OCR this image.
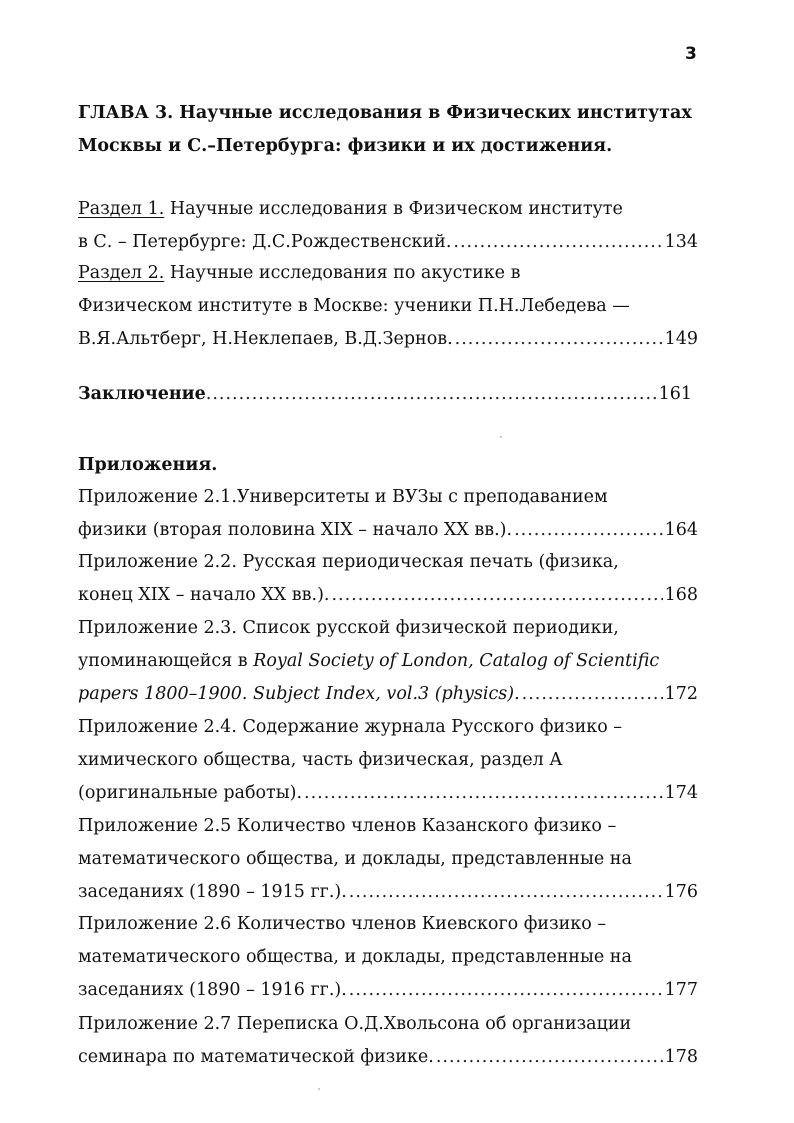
3
ГЛАВА 3. Научные исследования в Физических институтах
Москвы и С.–Петербурга: физики и их достижения.
Раздел 1. Научные исследования в Физическом институте
в С. – Петербурге: Д.С.Рождественский. .....	134
Раздел 2. Научные исследования по акустике в
Физическом институте в Москве: ученики П.Н.Лебедева —
В.Я.Альтберг, Н.Неклепаев, В.Д.Зернов. .....	149
Заключение .....	161
Приложения.
Приложение 2.1.Университеты и ВУЗы с преподаванием
физики (вторая половина XIX – начало XX вв.). .....	164
Приложение 2.2. Русская периодическая печать (физика,
конец XIX – начало XX вв.). .....	168
Приложение 2.3. Список русской физической периодики,
упоминающейся в Royal Society of London, Catalog of Scientific
papers 1800–1900. Subject Index, vol.3 (physics). .....	172
Приложение 2.4. Содержание журнала Русского физико –
химического общества, часть физическая, раздел А
(оригинальные работы). .....	174
Приложение 2.5 Количество членов Казанского физико –
математического общества, и доклады, представленные на
заседаниях (1890 – 1915 гг.). .....	176
Приложение 2.6 Количество членов Киевского физико –
математического общества, и доклады, представленные на
заседаниях (1890 – 1916 гг.). .....	177
Приложение 2.7 Переписка О.Д.Хвольсона об организации
семинара по математической физике. .....	178
